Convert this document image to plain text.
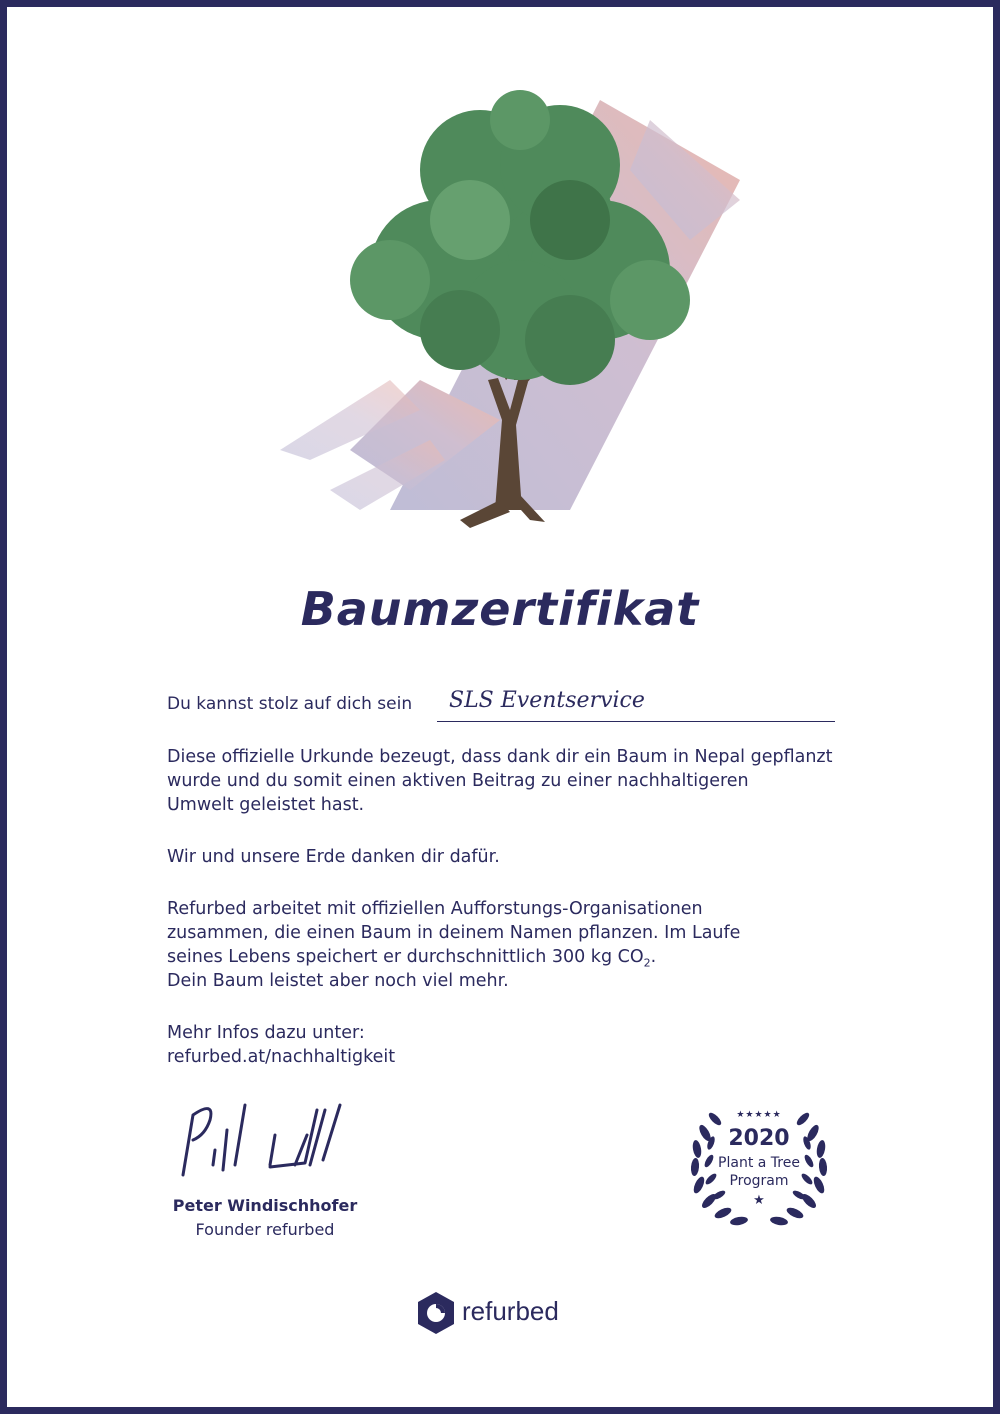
Baumzertifikat
Du kannst stolz auf dich sein SLS Eventservice
Diese offizielle Urkunde bezeugt, dass dank dir ein Baum in Nepal gepflanzt
wurde und du somit einen aktiven Beitrag zu einer nachhaltigeren
Umwelt geleistet hast.
Wir und unsere Erde danken dir dafür.
Refurbed arbeitet mit offiziellen Aufforstungs-Organisationen
zusammen, die einen Baum in deinem Namen pflanzen. Im Laufe
seines Lebens speichert er durchschnittlich 300 kg $CO_2$.
Dein Baum leistet aber noch viel mehr.
Mehr Infos dazu unter:
refurbed.at/nachhaltigkeit
Peter Windischhofer
Founder refurbed
★★★★★
2020
Plant a Tree
Program
★
refurbed
